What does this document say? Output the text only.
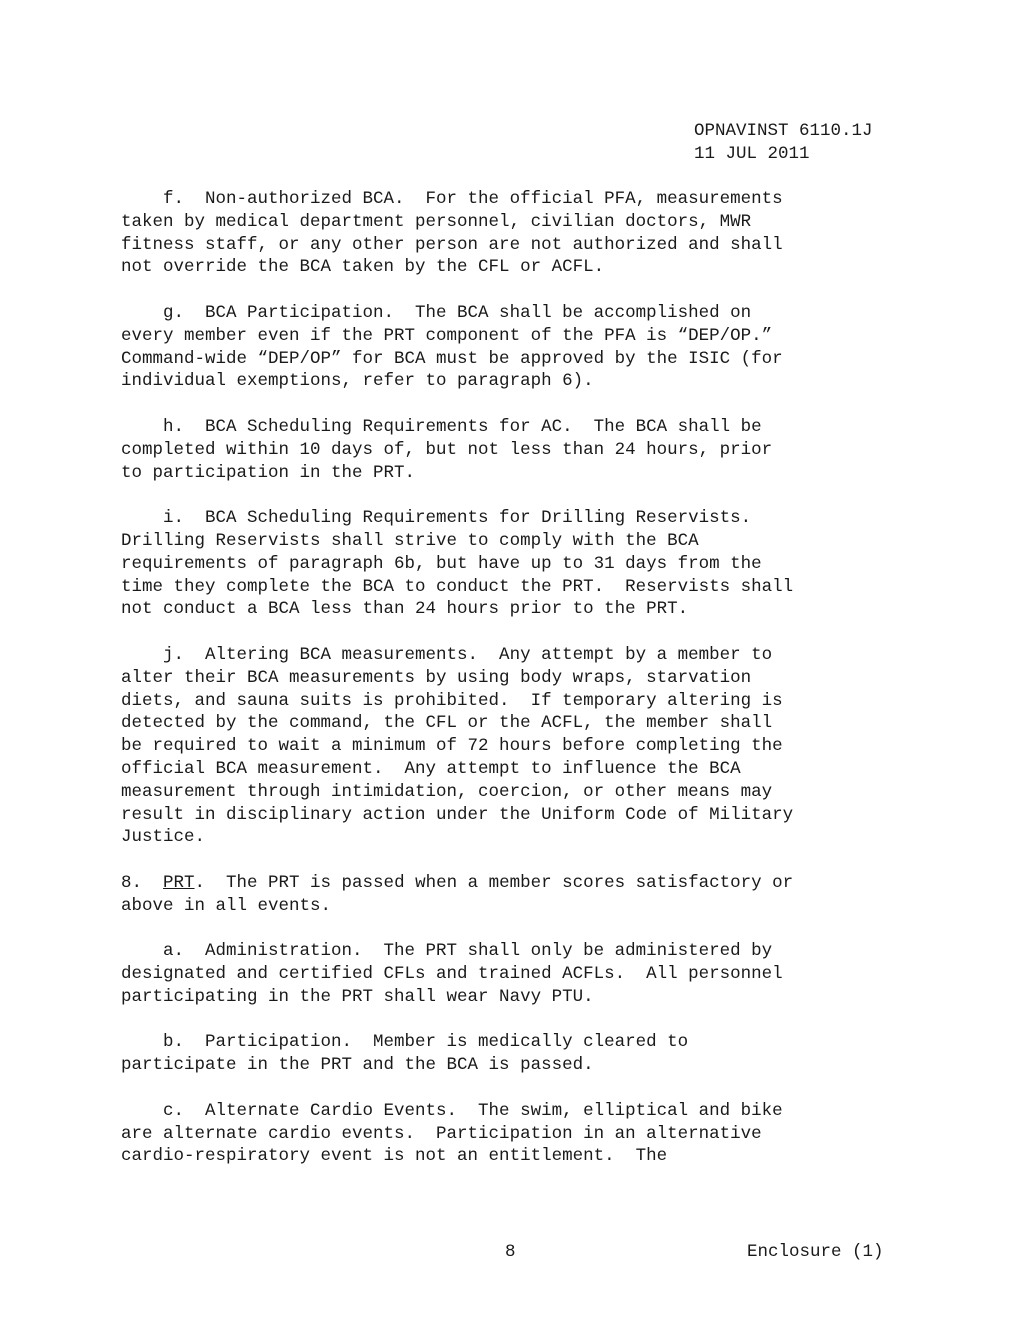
OPNAVINST 6110.1J
11 JUL 2011
f.  Non-authorized BCA.  For the official PFA, measurements
taken by medical department personnel, civilian doctors, MWR
fitness staff, or any other person are not authorized and shall
not override the BCA taken by the CFL or ACFL.
g.  BCA Participation.  The BCA shall be accomplished on
every member even if the PRT component of the PFA is “DEP/OP.”
Command-wide “DEP/OP” for BCA must be approved by the ISIC (for
individual exemptions, refer to paragraph 6).
h.  BCA Scheduling Requirements for AC.  The BCA shall be
completed within 10 days of, but not less than 24 hours, prior
to participation in the PRT.
i.  BCA Scheduling Requirements for Drilling Reservists.
Drilling Reservists shall strive to comply with the BCA
requirements of paragraph 6b, but have up to 31 days from the
time they complete the BCA to conduct the PRT.  Reservists shall
not conduct a BCA less than 24 hours prior to the PRT.
j.  Altering BCA measurements.  Any attempt by a member to
alter their BCA measurements by using body wraps, starvation
diets, and sauna suits is prohibited.  If temporary altering is
detected by the command, the CFL or the ACFL, the member shall
be required to wait a minimum of 72 hours before completing the
official BCA measurement.  Any attempt to influence the BCA
measurement through intimidation, coercion, or other means may
result in disciplinary action under the Uniform Code of Military
Justice.
8.  PRT.  The PRT is passed when a member scores satisfactory or
above in all events.
a.  Administration.  The PRT shall only be administered by
designated and certified CFLs and trained ACFLs.  All personnel
participating in the PRT shall wear Navy PTU.
b.  Participation.  Member is medically cleared to
participate in the PRT and the BCA is passed.
c.  Alternate Cardio Events.  The swim, elliptical and bike
are alternate cardio events.  Participation in an alternative
cardio-respiratory event is not an entitlement.  The
8	Enclosure (1)
